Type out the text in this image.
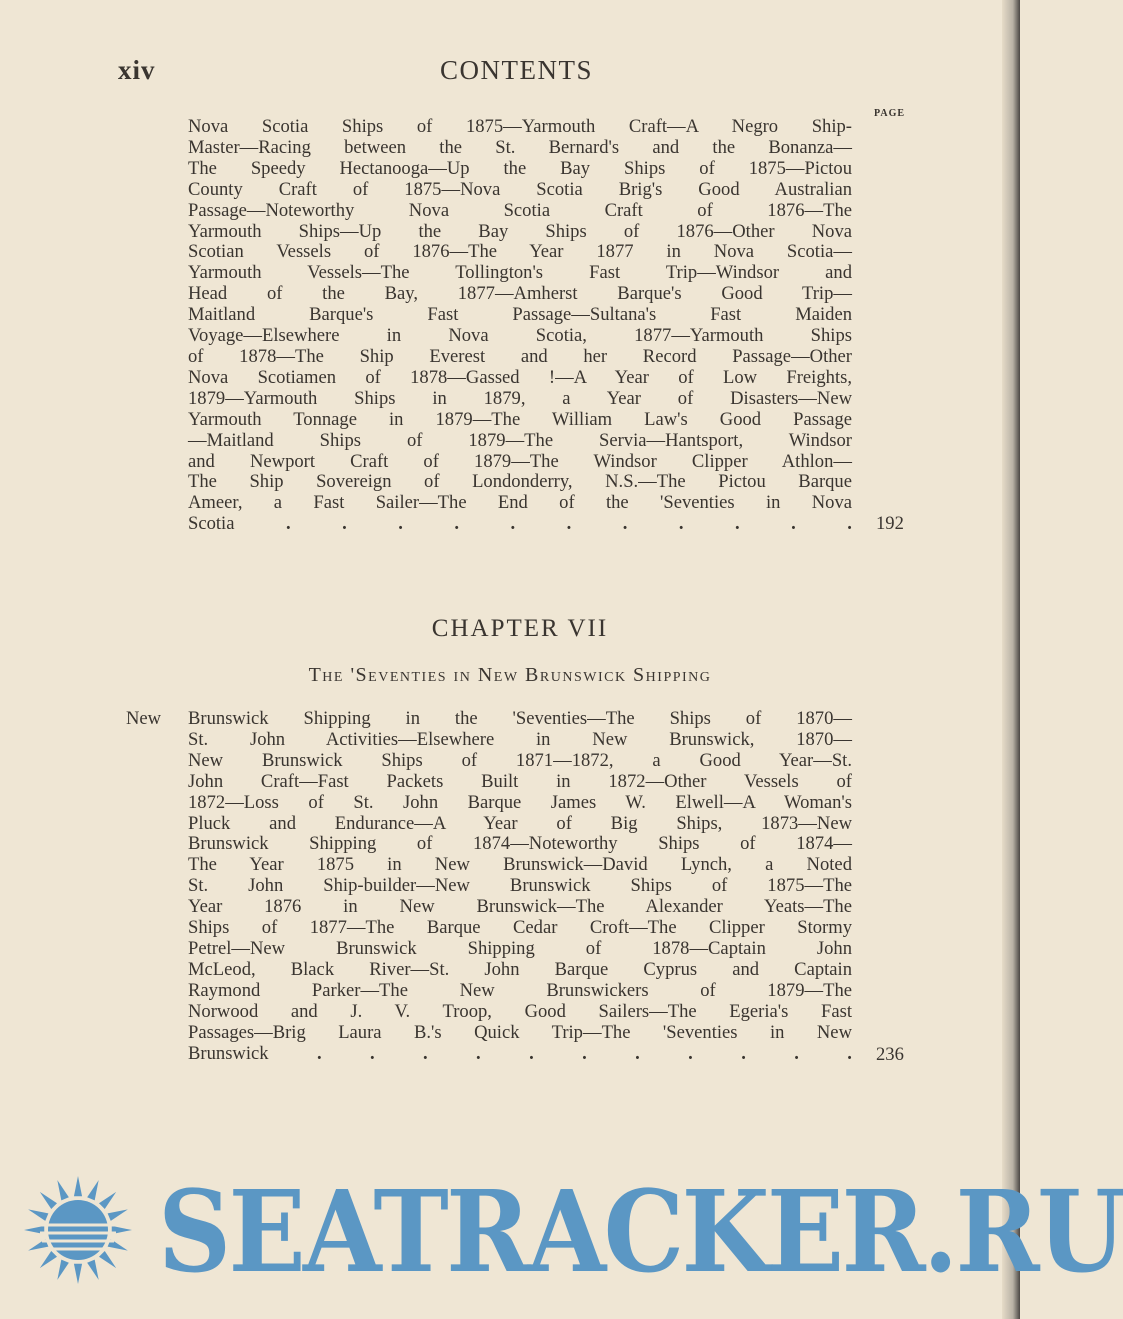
xiv	CONTENTS
PAGE
Nova Scotia Ships of 1875—Yarmouth Craft—A Negro Ship-
Master—Racing between the St. Bernard's and the Bonanza—
The Speedy Hectanooga—Up the Bay Ships of 1875—Pictou
County Craft of 1875—Nova Scotia Brig's Good Australian
Passage—Noteworthy Nova Scotia Craft of 1876—The
Yarmouth Ships—Up the Bay Ships of 1876—Other Nova
Scotian Vessels of 1876—The Year 1877 in Nova Scotia—
Yarmouth Vessels—The Tollington's Fast Trip—Windsor and
Head of the Bay, 1877—Amherst Barque's Good Trip—
Maitland Barque's Fast Passage—Sultana's Fast Maiden
Voyage—Elsewhere in Nova Scotia, 1877—Yarmouth Ships
of 1878—The Ship Everest and her Record Passage—Other
Nova Scotiamen of 1878—Gassed !—A Year of Low Freights,
1879—Yarmouth Ships in 1879, a Year of Disasters—New
Yarmouth Tonnage in 1879—The William Law's Good Passage
—Maitland Ships of 1879—The Servia—Hantsport, Windsor
and Newport Craft of 1879—The Windsor Clipper Athlon—
The Ship Sovereign of Londonderry, N.S.—The Pictou Barque
Ameer, a Fast Sailer—The End of the 'Seventies in Nova
Scotia	.	.	.	.	.	.	.	.	.	.	. 192
CHAPTER VII
The 'Seventies in New Brunswick Shipping
New Brunswick Shipping in the 'Seventies—The Ships of 1870—
St. John Activities—Elsewhere in New Brunswick, 1870—
New Brunswick Ships of 1871—1872, a Good Year—St.
John Craft—Fast Packets Built in 1872—Other Vessels of
1872—Loss of St. John Barque James W. Elwell—A Woman's
Pluck and Endurance—A Year of Big Ships, 1873—New
Brunswick Shipping of 1874—Noteworthy Ships of 1874—
The Year 1875 in New Brunswick—David Lynch, a Noted
St. John Ship-builder—New Brunswick Ships of 1875—The
Year 1876 in New Brunswick—The Alexander Yeats—The
Ships of 1877—The Barque Cedar Croft—The Clipper Stormy
Petrel—New Brunswick Shipping of 1878—Captain John
McLeod, Black River—St. John Barque Cyprus and Captain
Raymond Parker—The New Brunswickers of 1879—The
Norwood and J. V. Troop, Good Sailers—The Egeria's Fast
Passages—Brig Laura B.'s Quick Trip—The 'Seventies in New
Brunswick	.	.	.	.	.	.	.	.	.	.	. 236
SEATRACKER.RU
